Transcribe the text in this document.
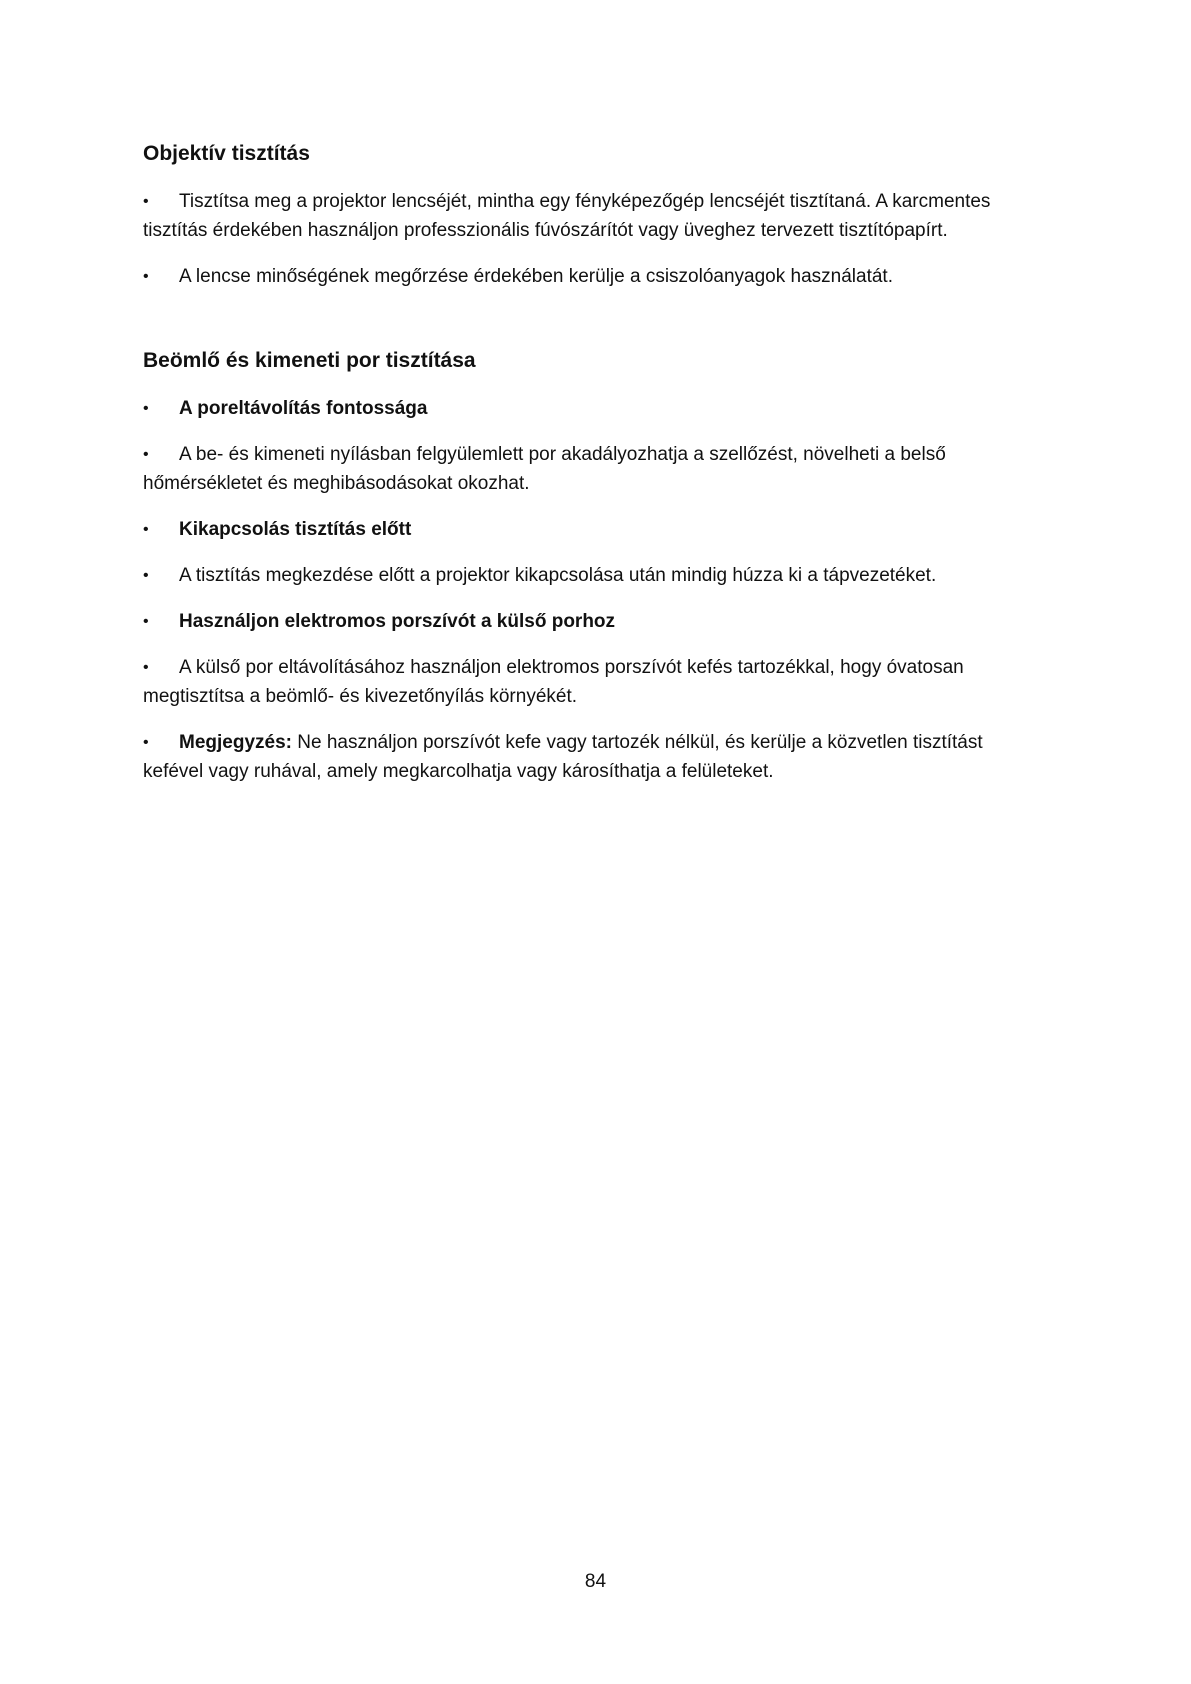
Objektív tisztítás
• Tisztítsa meg a projektor lencséjét, mintha egy fényképezőgép lencséjét tisztítaná. A karcmentes tisztítás érdekében használjon professzionális fúvószárítót vagy üveghez tervezett tisztítópapírt.
• A lencse minőségének megőrzése érdekében kerülje a csiszolóanyagok használatát.
Beömlő és kimeneti por tisztítása
• A poreltávolítás fontossága
• A be- és kimeneti nyílásban felgyülemlett por akadályozhatja a szellőzést, növelheti a belső hőmérsékletet és meghibásodásokat okozhat.
• Kikapcsolás tisztítás előtt
• A tisztítás megkezdése előtt a projektor kikapcsolása után mindig húzza ki a tápvezetéket.
• Használjon elektromos porszívót a külső porhoz
• A külső por eltávolításához használjon elektromos porszívót kefés tartozékkal, hogy óvatosan megtisztítsa a beömlő- és kivezetőnyílás környékét.
• Megjegyzés: Ne használjon porszívót kefe vagy tartozék nélkül, és kerülje a közvetlen tisztítást kefével vagy ruhával, amely megkarcolhatja vagy károsíthatja a felületeket.
84
